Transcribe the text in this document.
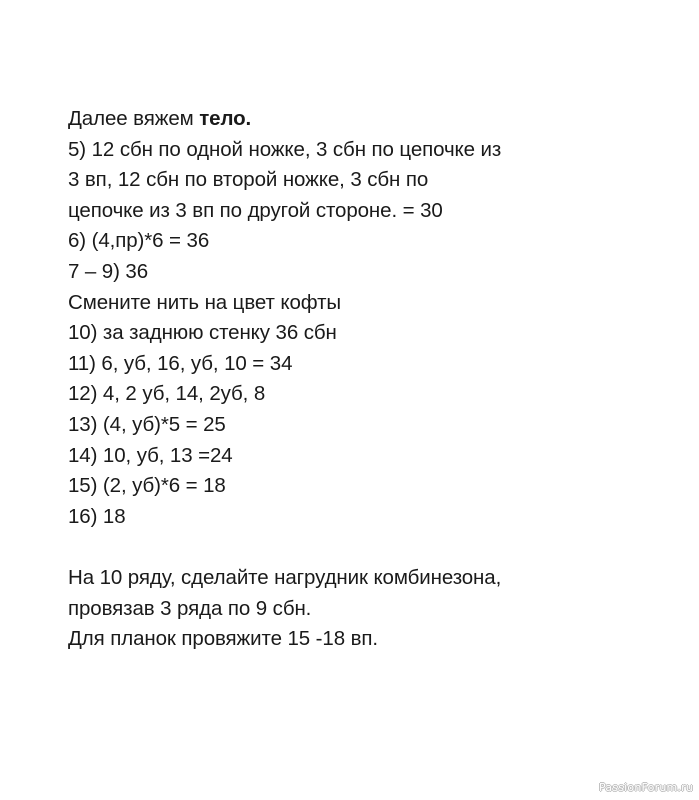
Далее вяжем тело.
5) 12 сбн по одной ножке, 3 сбн по цепочке из
3 вп, 12 сбн по второй ножке, 3 сбн по
цепочке из 3 вп по другой стороне. = 30
6) (4,пр)*6 = 36
7 – 9) 36
Смените нить на цвет кофты
10) за заднюю стенку 36 сбн
11) 6, уб, 16, уб, 10 = 34
12) 4, 2 уб, 14, 2уб, 8
13) (4, уб)*5 = 25
14) 10, уб, 13 =24
15) (2, уб)*6 = 18
16) 18
На 10 ряду, сделайте нагрудник комбинезона,
провязав 3 ряда по 9 сбн.
Для планок провяжите 15 -18 вп.
PassionForum.ru
